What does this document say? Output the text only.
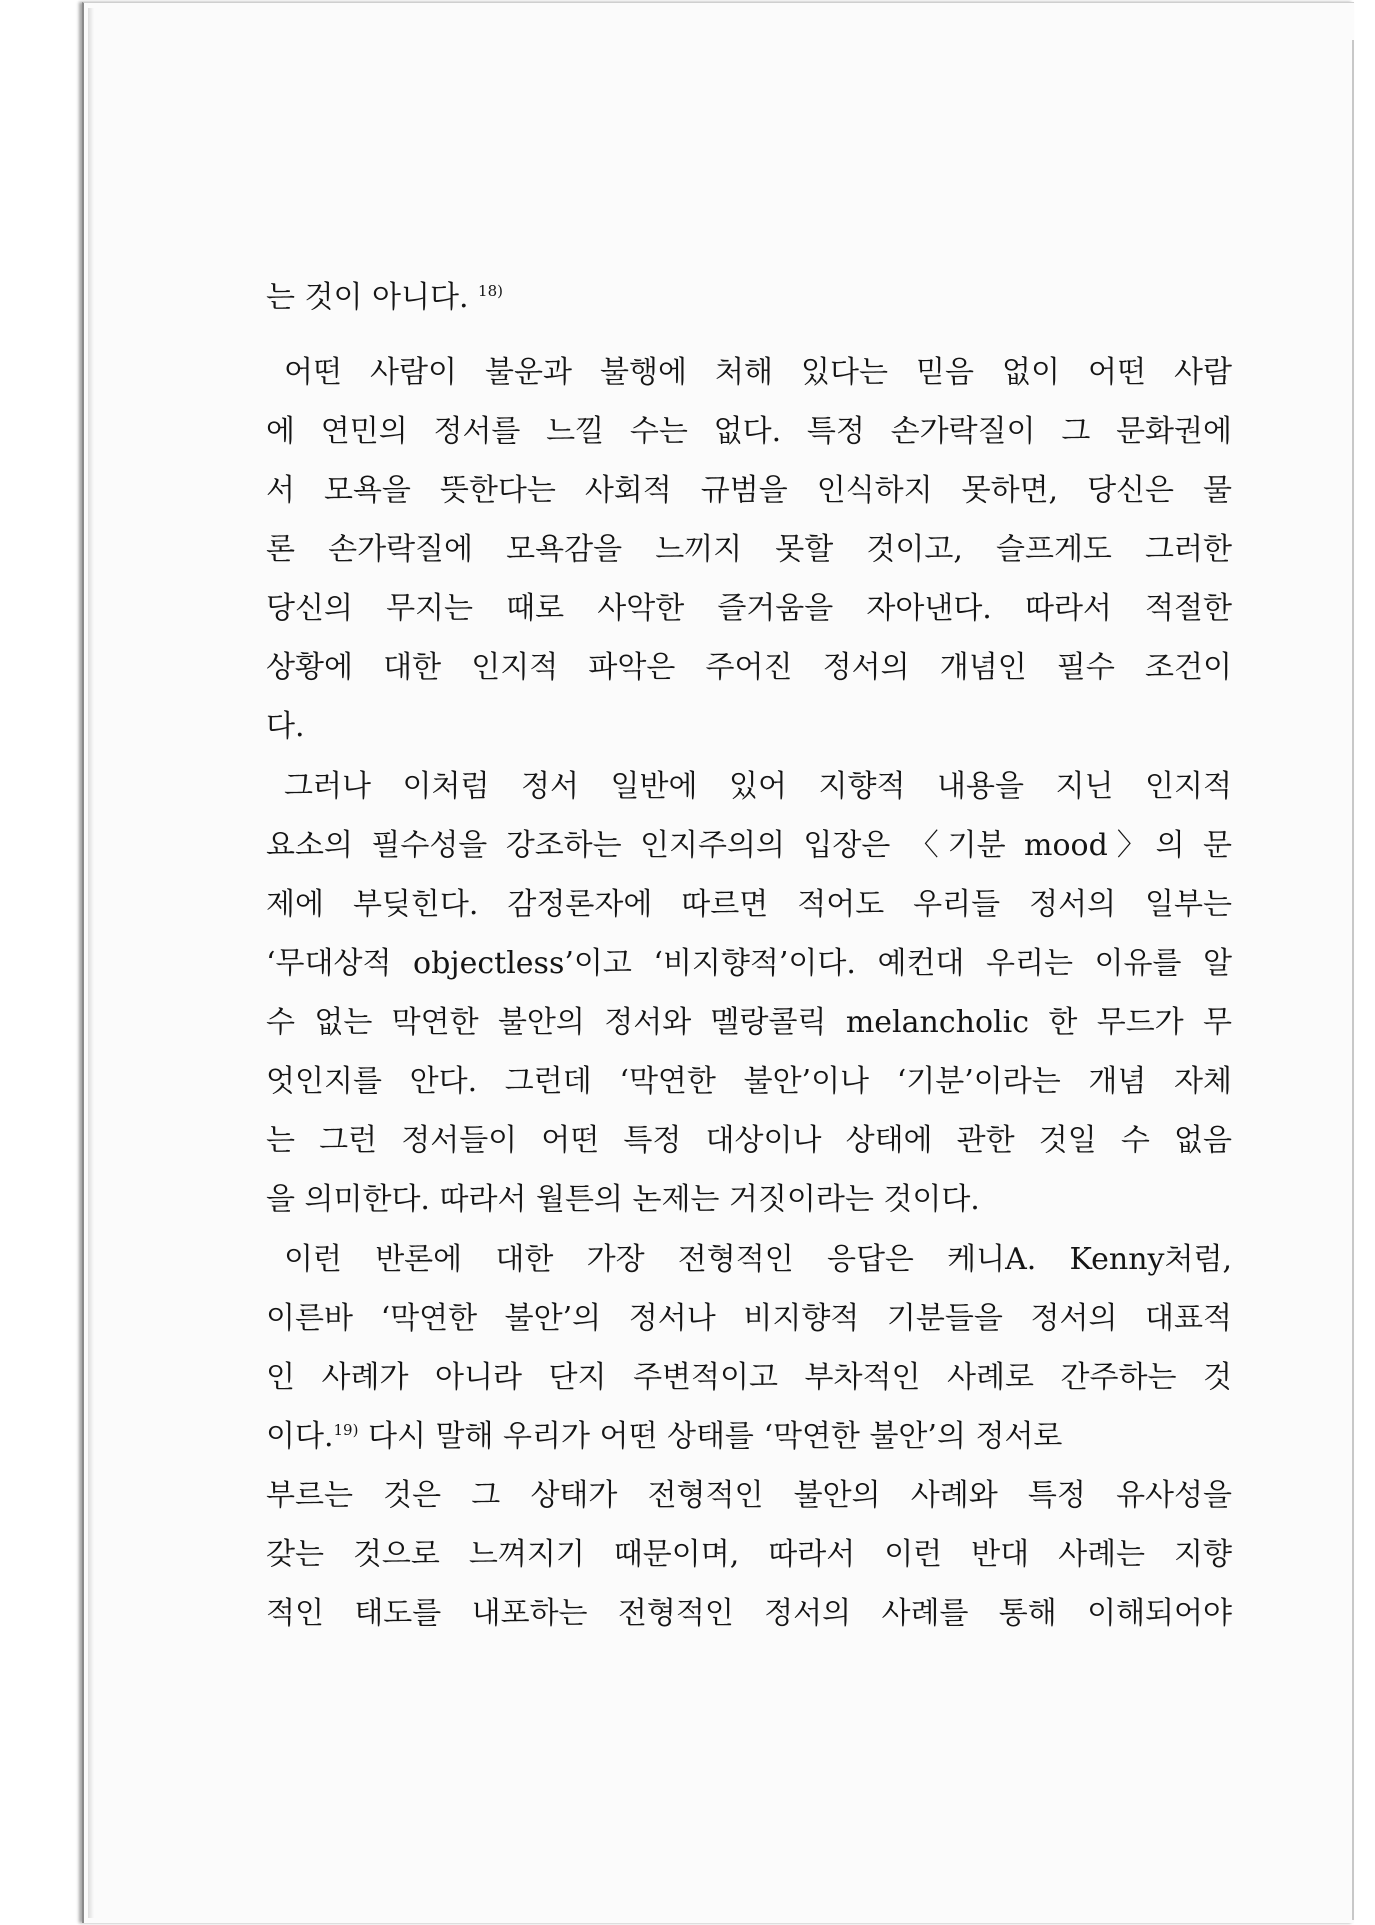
는 것이 아니다. $^{18)}$
어떤 사람이 불운과 불행에 처해 있다는 믿음 없이 어떤 사람
에 연민의 정서를 느낄 수는 없다. 특정 손가락질이 그 문화권에
서 모욕을 뜻한다는 사회적 규범을 인식하지 못하면, 당신은 물
론 손가락질에 모욕감을 느끼지 못할 것이고, 슬프게도 그러한
당신의 무지는 때로 사악한 즐거움을 자아낸다. 따라서 적절한
상황에 대한 인지적 파악은 주어진 정서의 개념인 필수 조건이
다.
그러나 이처럼 정서 일반에 있어 지향적 내용을 지닌 인지적
요소의 필수성을 강조하는 인지주의의 입장은 〈기분 mood〉의 문
제에 부딪힌다. 감정론자에 따르면 적어도 우리들 정서의 일부는
‘무대상적 objectless’이고 ‘비지향적’이다. 예컨대 우리는 이유를 알
수 없는 막연한 불안의 정서와 멜랑콜릭 melancholic 한 무드가 무
엇인지를 안다. 그런데 ‘막연한 불안’이나 ‘기분’이라는 개념 자체
는 그런 정서들이 어떤 특정 대상이나 상태에 관한 것일 수 없음
을 의미한다. 따라서 월튼의 논제는 거짓이라는 것이다.
이런 반론에 대한 가장 전형적인 응답은 케니A. Kenny처럼,
이른바 ‘막연한 불안’의 정서나 비지향적 기분들을 정서의 대표적
인 사례가 아니라 단지 주변적이고 부차적인 사례로 간주하는 것
이다.$^{19)}$ 다시 말해 우리가 어떤 상태를 ‘막연한 불안’의 정서로
부르는 것은 그 상태가 전형적인 불안의 사례와 특정 유사성을
갖는 것으로 느껴지기 때문이며, 따라서 이런 반대 사례는 지향
적인 태도를 내포하는 전형적인 정서의 사례를 통해 이해되어야
